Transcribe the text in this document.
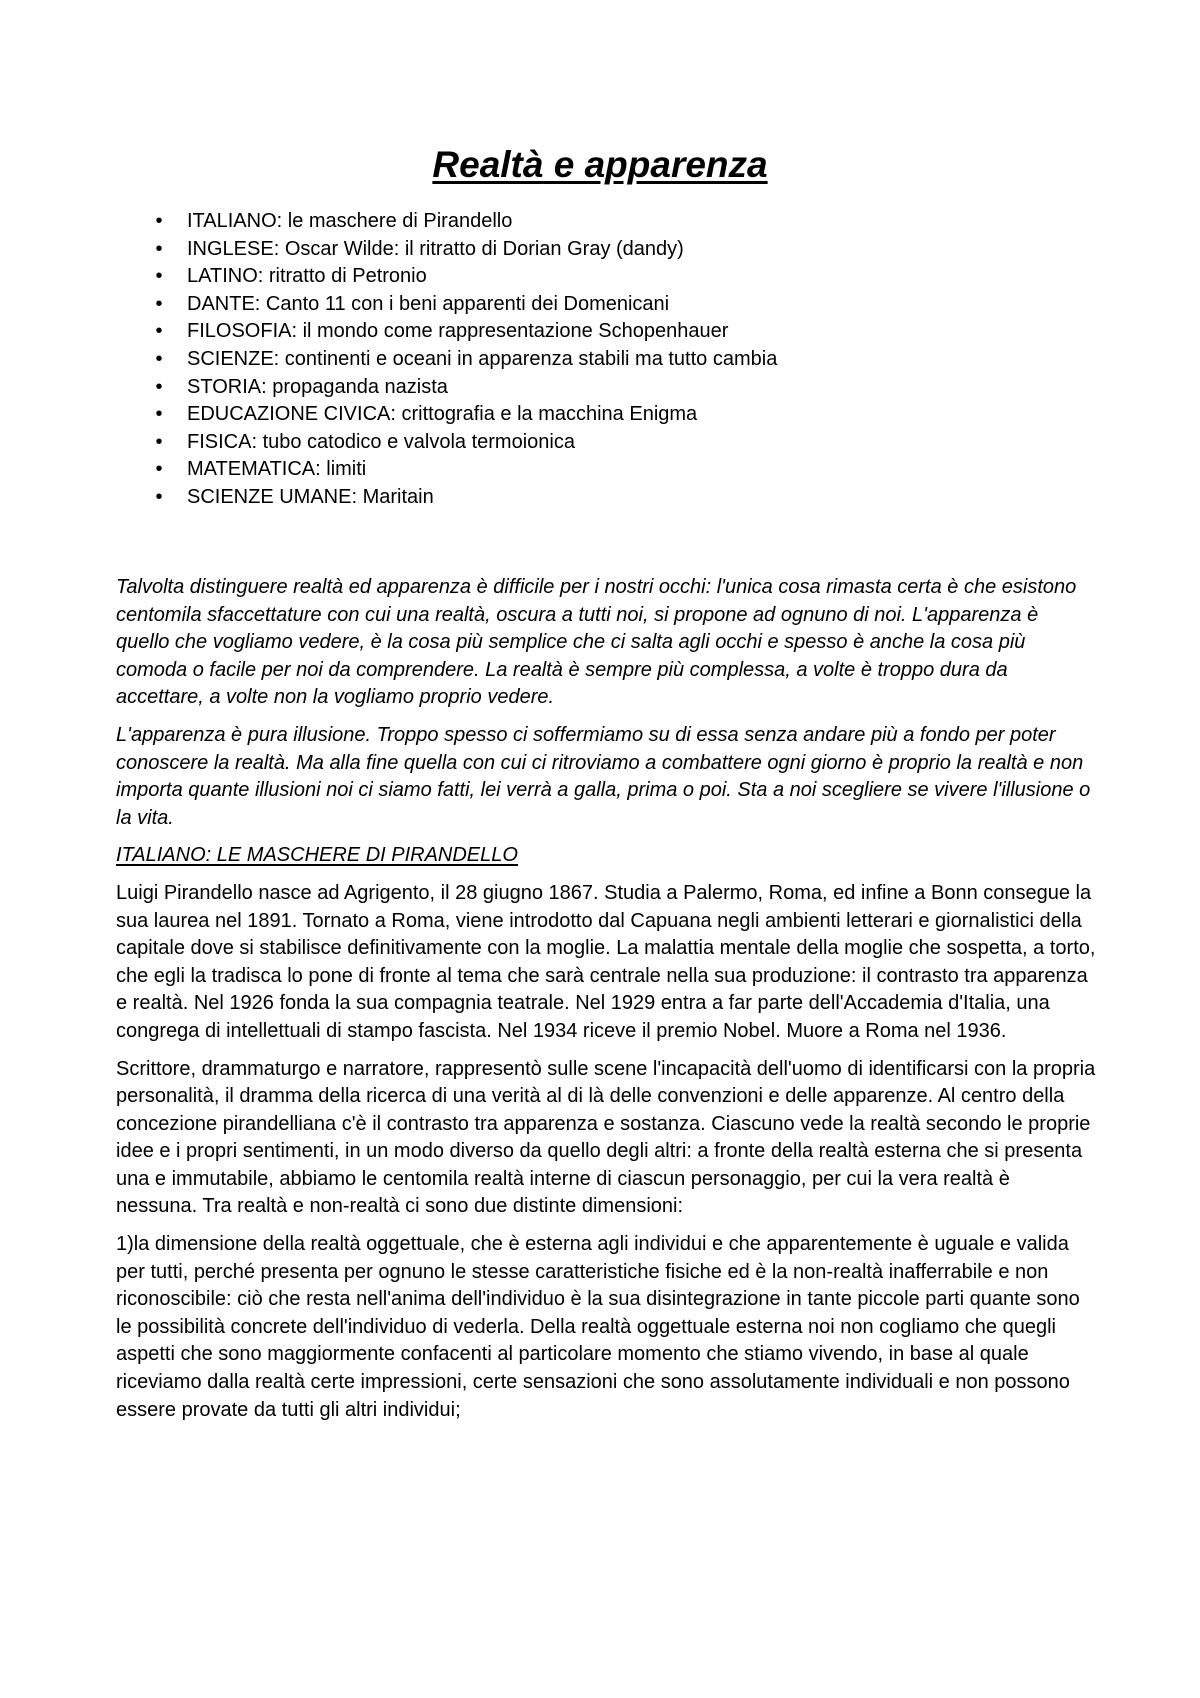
Realtà e apparenza
• ITALIANO: le maschere di Pirandello
• INGLESE: Oscar Wilde: il ritratto di Dorian Gray (dandy)
• LATINO: ritratto di Petronio
• DANTE: Canto 11 con i beni apparenti dei Domenicani
• FILOSOFIA: il mondo come rappresentazione Schopenhauer
• SCIENZE: continenti e oceani in apparenza stabili ma tutto cambia
• STORIA: propaganda nazista
• EDUCAZIONE CIVICA: crittografia e la macchina Enigma
• FISICA: tubo catodico e valvola termoionica
• MATEMATICA: limiti
• SCIENZE UMANE: Maritain

Talvolta distinguere realtà ed apparenza è difficile per i nostri occhi: l'unica cosa rimasta certa è che esistono centomila sfaccettature con cui una realtà, oscura a tutti noi, si propone ad ognuno di noi. L'apparenza è quello che vogliamo vedere, è la cosa più semplice che ci salta agli occhi e spesso è anche la cosa più comoda o facile per noi da comprendere. La realtà è sempre più complessa, a volte è troppo dura da accettare, a volte non la vogliamo proprio vedere.

L'apparenza è pura illusione. Troppo spesso ci soffermiamo su di essa senza andare più a fondo per poter conoscere la realtà. Ma alla fine quella con cui ci ritroviamo a combattere ogni giorno è proprio la realtà e non importa quante illusioni noi ci siamo fatti, lei verrà a galla, prima o poi. Sta a noi scegliere se vivere l'illusione o la vita.

ITALIANO: LE MASCHERE DI PIRANDELLO

Luigi Pirandello nasce ad Agrigento, il 28 giugno 1867. Studia a Palermo, Roma, ed infine a Bonn consegue la sua laurea nel 1891. Tornato a Roma, viene introdotto dal Capuana negli ambienti letterari e giornalistici della capitale dove si stabilisce definitivamente con la moglie. La malattia mentale della moglie che sospetta, a torto, che egli la tradisca lo pone di fronte al tema che sarà centrale nella sua produzione: il contrasto tra apparenza e realtà. Nel 1926 fonda la sua compagnia teatrale. Nel 1929 entra a far parte dell'Accademia d'Italia, una congrega di intellettuali di stampo fascista. Nel 1934 riceve il premio Nobel. Muore a Roma nel 1936.

Scrittore, drammaturgo e narratore, rappresentò sulle scene l'incapacità dell'uomo di identificarsi con la propria personalità, il dramma della ricerca di una verità al di là delle convenzioni e delle apparenze. Al centro della concezione pirandelliana c'è il contrasto tra apparenza e sostanza. Ciascuno vede la realtà secondo le proprie idee e i propri sentimenti, in un modo diverso da quello degli altri: a fronte della realtà esterna che si presenta una e immutabile, abbiamo le centomila realtà interne di ciascun personaggio, per cui la vera realtà è nessuna. Tra realtà e non-realtà ci sono due distinte dimensioni:

1)la dimensione della realtà oggettuale, che è esterna agli individui e che apparentemente è uguale e valida per tutti, perché presenta per ognuno le stesse caratteristiche fisiche ed è la non-realtà inafferrabile e non riconoscibile: ciò che resta nell'anima dell'individuo è la sua disintegrazione in tante piccole parti quante sono le possibilità concrete dell'individuo di vederla. Della realtà oggettuale esterna noi non cogliamo che quegli aspetti che sono maggiormente confacenti al particolare momento che stiamo vivendo, in base al quale riceviamo dalla realtà certe impressioni, certe sensazioni che sono assolutamente individuali e non possono essere provate da tutti gli altri individui;
